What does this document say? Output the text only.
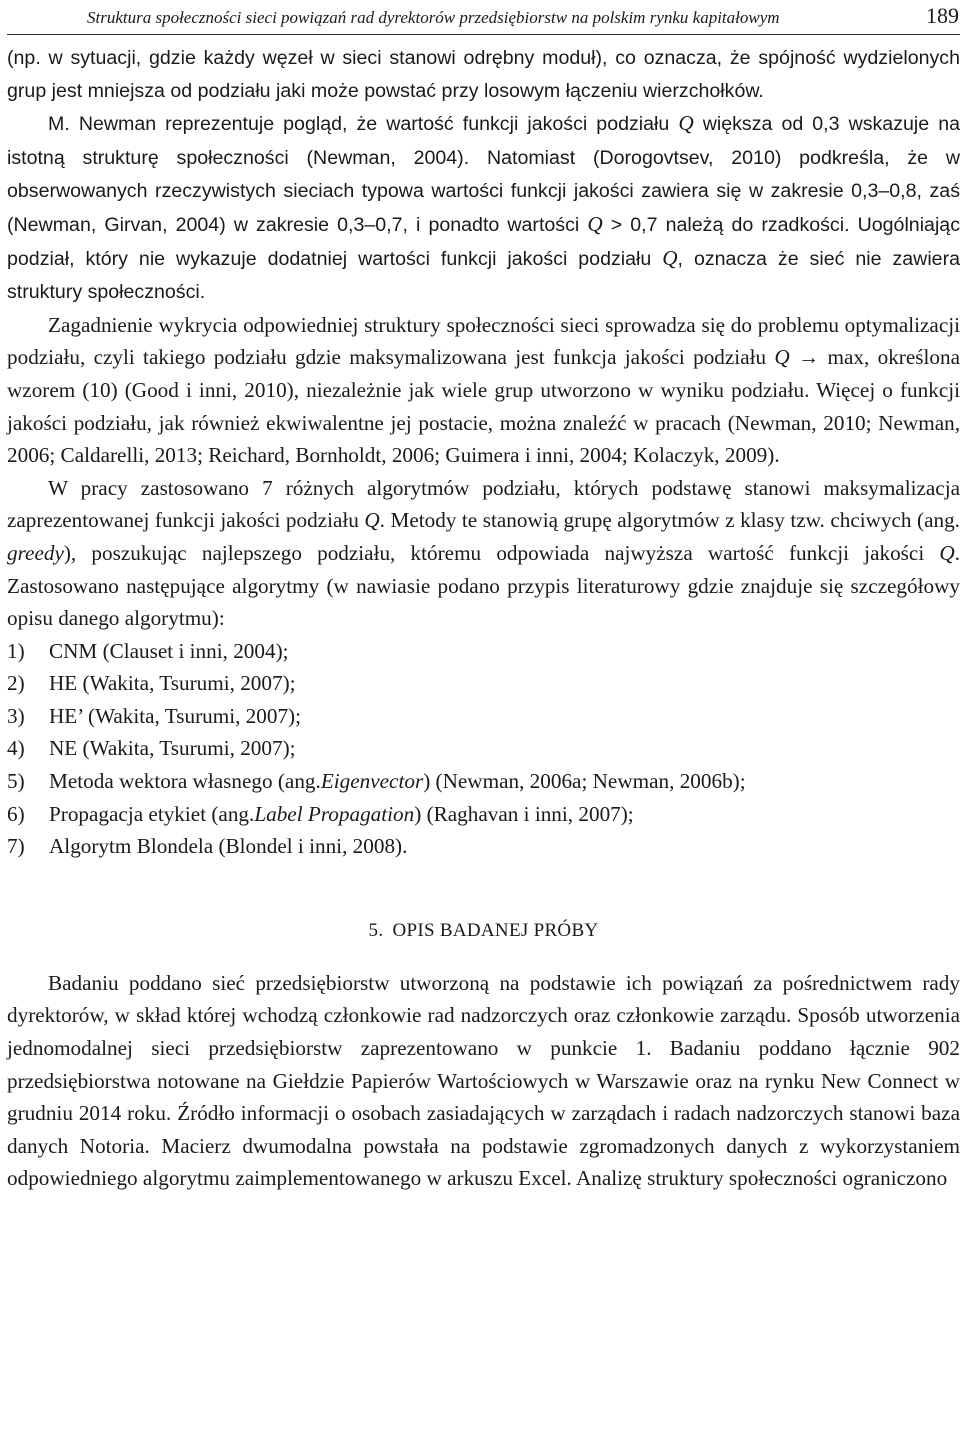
Struktura społeczności sieci powiązań rad dyrektorów przedsiębiorstw na polskim rynku kapitałowym	189

(np. w sytuacji, gdzie każdy węzeł w sieci stanowi odrębny moduł), co oznacza, że spójność wydzielonych grup jest mniejsza od podziału jaki może powstać przy losowym łączeniu wierzchołków.

M. Newman reprezentuje pogląd, że wartość funkcji jakości podziału Q większa od 0,3 wskazuje na istotną strukturę społeczności (Newman, 2004). Natomiast (Dorogovtsev, 2010) podkreśla, że w obserwowanych rzeczywistych sieciach typowa wartości funkcji jakości zawiera się w zakresie 0,3–0,8, zaś (Newman, Girvan, 2004) w zakresie 0,3–0,7, i ponadto wartości Q > 0,7 należą do rzadkości. Uogólniając podział, który nie wykazuje dodatniej wartości funkcji jakości podziału Q, oznacza że sieć nie zawiera struktury społeczności.

Zagadnienie wykrycia odpowiedniej struktury społeczności sieci sprowadza się do problemu optymalizacji podziału, czyli takiego podziału gdzie maksymalizowana jest funkcja jakości podziału Q → max, określona wzorem (10) (Good i inni, 2010), niezależnie jak wiele grup utworzono w wyniku podziału. Więcej o funkcji jakości podziału, jak również ekwiwalentne jej postacie, można znaleźć w pracach (Newman, 2010; Newman, 2006; Caldarelli, 2013; Reichard, Bornholdt, 2006; Guimera i inni, 2004; Kolaczyk, 2009).

W pracy zastosowano 7 różnych algorytmów podziału, których podstawę stanowi maksymalizacja zaprezentowanej funkcji jakości podziału Q. Metody te stanowią grupę algorytmów z klasy tzw. chciwych (ang. greedy), poszukując najlepszego podziału, któremu odpowiada najwyższa wartość funkcji jakości Q. Zastosowano następujące algorytmy (w nawiasie podano przypis literaturowy gdzie znajduje się szczegółowy opisu danego algorytmu):

1)	CNM (Clauset i inni, 2004);
2)	HE (Wakita, Tsurumi, 2007);
3)	HE’ (Wakita, Tsurumi, 2007);
4)	NE (Wakita, Tsurumi, 2007);
5)	Metoda wektora własnego (ang. Eigenvector ) (Newman, 2006a; Newman, 2006b);
6)	Propagacja etykiet (ang. Label Propagation ) (Raghavan i inni, 2007);
7)	Algorytm Blondela (Blondel i inni, 2008).
5. OPIS BADANEJ PRÓBY

Badaniu poddano sieć przedsiębiorstw utworzoną na podstawie ich powiązań za pośrednictwem rady dyrektorów, w skład której wchodzą członkowie rad nadzorczych oraz członkowie zarządu. Sposób utworzenia jednomodalnej sieci przedsiębiorstw zaprezentowano w punkcie 1. Badaniu poddano łącznie 902 przedsiębiorstwa notowane na Giełdzie Papierów Wartościowych w Warszawie oraz na rynku New Connect w grudniu 2014 roku. Źródło informacji o osobach zasiadających w zarządach i radach nadzorczych stanowi baza danych Notoria. Macierz dwumodalna powstała na podstawie zgromadzonych danych z wykorzystaniem odpowiedniego algorytmu zaimplementowanego w arkuszu Excel. Analizę struktury społeczności ograniczono
